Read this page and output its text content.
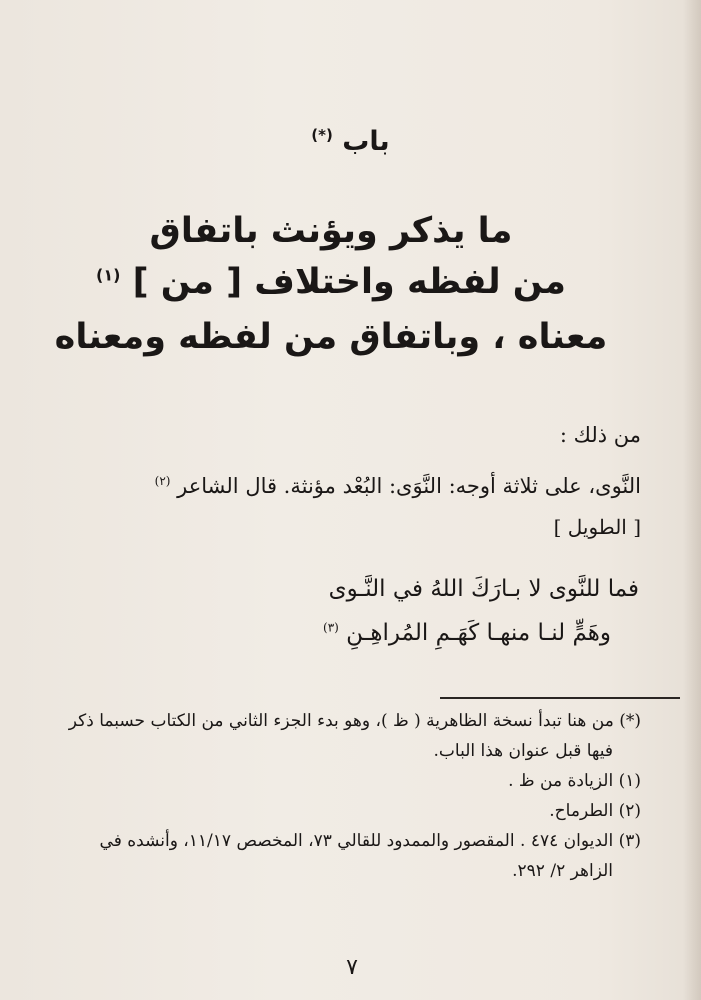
باب (*)
ما يذكر ويؤنث باتفاق
من لفظه واختلاف [ من ] $^{(١)}$
معناه ، وباتفاق من لفظه ومعناه
من ذلك :
النَّوى، على ثلاثة أوجه: النَّوَى: البُعْد مؤنثة. قال الشاعر $^{(٢)}$
[ الطويل ]
فما للنَّوى لا بـارَكَ اللهُ في النَّـوى
وهَمٍّ لنـا منهـا كَهَـمِ المُراهِـنِ $^{(٣)}$
(*) من هنا تبدأ نسخة الظاهرية ( ظ )، وهو بدء الجزء الثاني من الكتاب حسبما ذكر
فيها قبل عنوان هذا الباب.
(١) الزيادة من ظ .
(٢) الطرماح.
(٣) الديوان ٤٧٤ . المقصور والممدود للقالي ٧٣، المخصص ١١/١٧، وأنشده في
الزاهر ٢/ ٢٩٢.
٧
